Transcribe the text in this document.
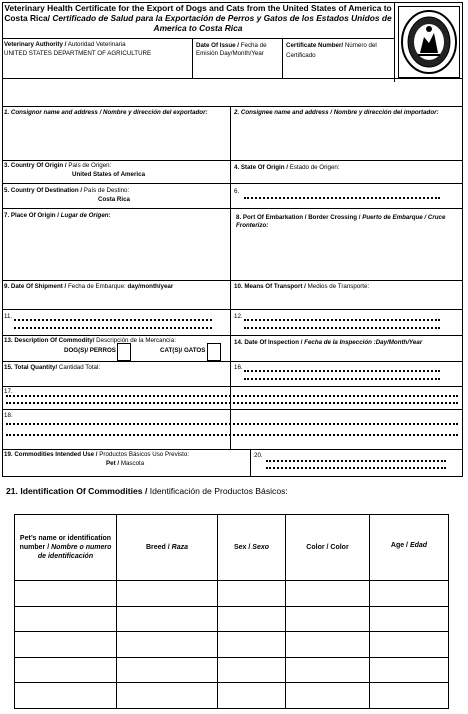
Veterinary Health Certificate for the Export of Dogs and Cats from the United States of America to Costa Rica/ Certificado de Salud para la Exportación de Perros y Gatos de los Estados Unidos de America to Costa Rica
Veterinary Authority / Autoridad Veterinaria
UNITED STATES DEPARTMENT OF AGRICULTURE
Date Of Issue / Fecha de Emisión Day/Month/Year
Certificate Number/ Número del Certificado
1. Consignor name and address / Nombre y dirección del exportador:	2. Consignee name and address / Nombre y dirección del importador:
3. Country Of Origin / País de Origen:
United States of America
4. State Of Origin / Estado de Origen:
5. Country Of Destination / País de Destino:
Costa Rica
6.
7. Place Of Origin / Lugar de Origen:	8. Port Of Embarkation / Border Crossing / Puerto de Embarque / Cruce Fronterizo:
9. Date Of Shipment / Fecha de Embarque: day/month/year	10. Means Of Transport / Medios de Transporte:
11.	12.
13. Description Of Commodity/ Descripción de la Mercancía:
DOG(S)/ PERROS	CAT(S)/ GATOS
14. Date Of Inspection / Fecha de la Inspección :Day/Month/Year
15. Total Quantity/ Cantidad Total:	16.
17.
18.
19. Commodities Intended Use / Productos Básicos Uso Previsto:
Pet / Mascota
20.
21. Identification Of Commodities / Identificación de Productos Básicos:
Pet’s name or identification number / Nombre o numero de identificación	Breed / Raza	Sex / Sexo	Color / Color	Age / Edad
